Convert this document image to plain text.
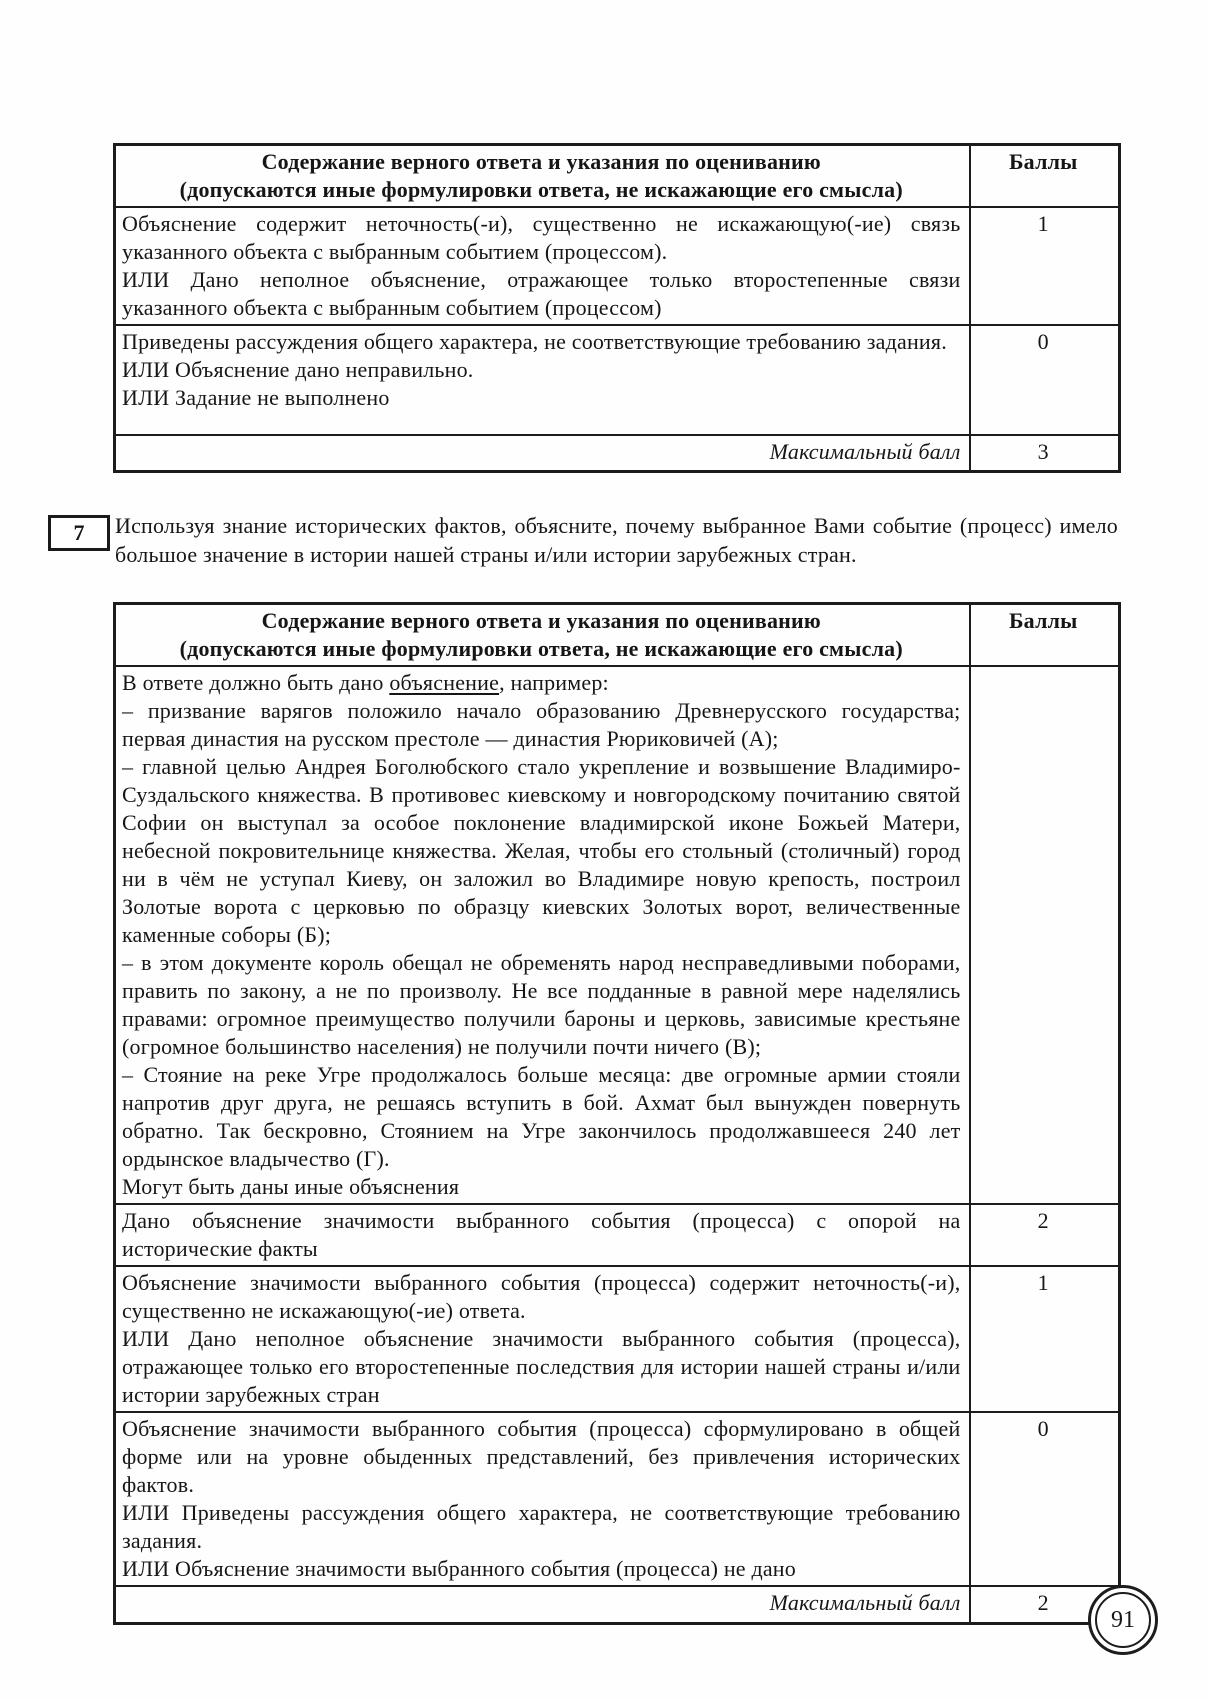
Содержание верного ответа и указания по оцениванию
(допускаются иные формулировки ответа, не искажающие его смысла)	Баллы

Объяснение содержит неточность(-и), существенно не искажающую(-ие) связь указанного объекта с выбранным событием (процессом).
ИЛИ Дано неполное объяснение, отражающее только второстепенные связи указанного объекта с выбранным событием (процессом)	1

Приведены рассуждения общего характера, не соответствующие требованию задания.
ИЛИ Объяснение дано неправильно.
ИЛИ Задание не выполнено	0
Максимальный балл	3
7 Используя знание исторических фактов, объясните, почему выбранное Вами событие (процесс) имело большое значение в истории нашей страны и/или истории зарубежных стран.
Содержание верного ответа и указания по оцениванию
(допускаются иные формулировки ответа, не искажающие его смысла)	Баллы

В ответе должно быть дано объяснение, например:
– призвание варягов положило начало образованию Древнерусского государства; первая династия на русском престоле — династия Рюриковичей (А);
– главной целью Андрея Боголюбского стало укрепление и возвышение Владимиро-Суздальского княжества. В противовес киевскому и новгородскому почитанию святой Софии он выступал за особое поклонение владимирской иконе Божьей Матери, небесной покровительнице княжества. Желая, чтобы его стольный (столичный) город ни в чём не уступал Киеву, он заложил во Владимире новую крепость, построил Золотые ворота с церковью по образцу киевских Золотых ворот, величественные каменные соборы (Б);
– в этом документе король обещал не обременять народ несправедливыми поборами, править по закону, а не по произволу. Не все подданные в равной мере наделялись правами: огромное преимущество получили бароны и церковь, зависимые крестьяне (огромное большинство населения) не получили почти ничего (В);
– Стояние на реке Угре продолжалось больше месяца: две огромные армии стояли напротив друг друга, не решаясь вступить в бой. Ахмат был вынужден повернуть обратно. Так бескровно, Стоянием на Угре закончилось продолжавшееся 240 лет ордынское владычество (Г).
Могут быть даны иные объяснения

Дано объяснение значимости выбранного события (процесса) с опорой на исторические факты	2

Объяснение значимости выбранного события (процесса) содержит неточность(-и), существенно не искажающую(-ие) ответа.
ИЛИ Дано неполное объяснение значимости выбранного события (процесса), отражающее только его второстепенные последствия для истории нашей страны и/или истории зарубежных стран	1

Объяснение значимости выбранного события (процесса) сформулировано в общей форме или на уровне обыденных представлений, без привлечения исторических фактов.
ИЛИ Приведены рассуждения общего характера, не соответствующие требованию задания.
ИЛИ Объяснение значимости выбранного события (процесса) не дано	0
Максимальный балл	2
91
